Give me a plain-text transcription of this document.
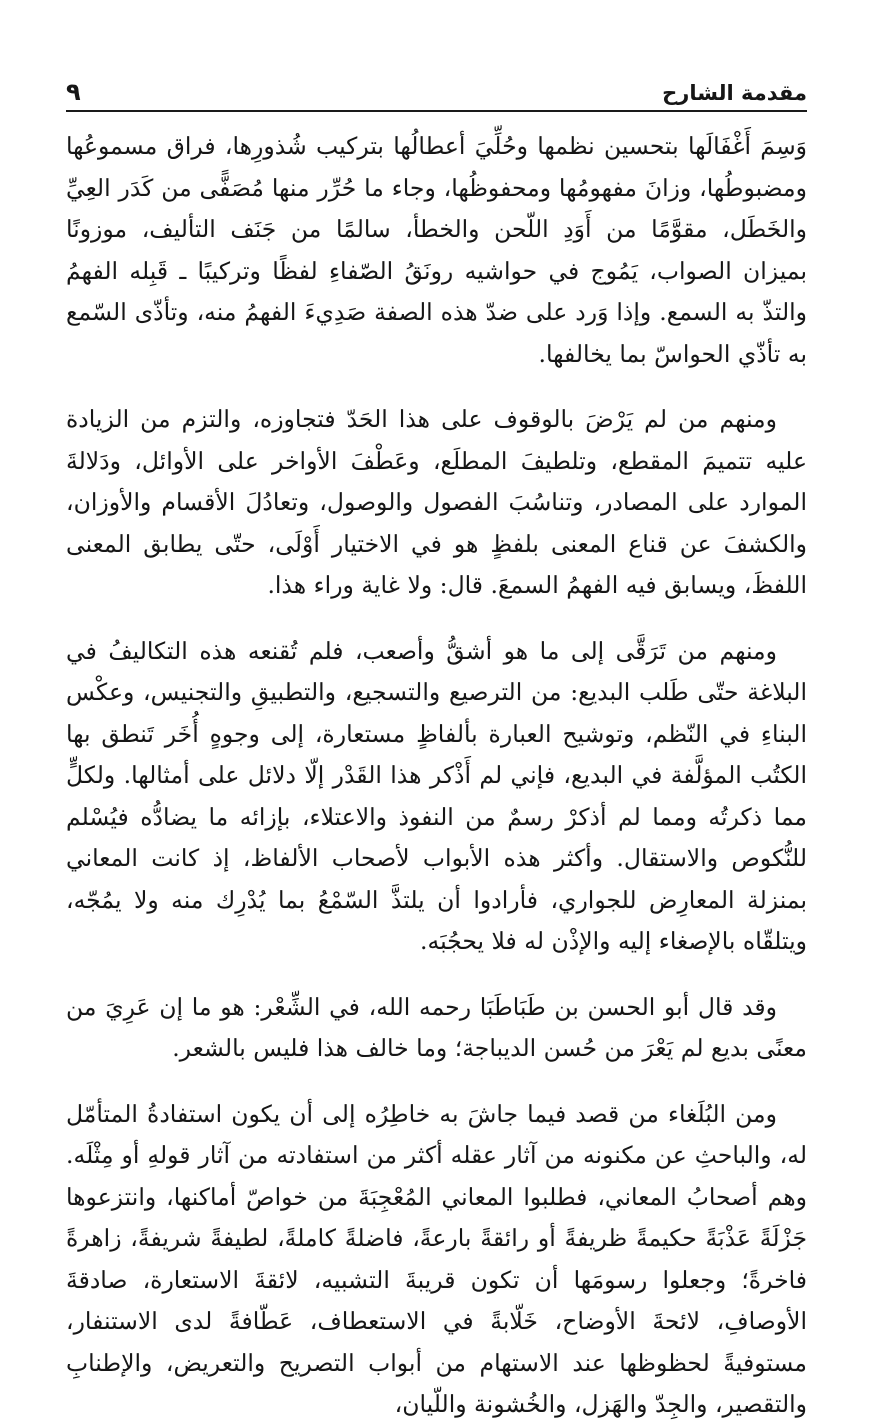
مقدمة الشارح
٩

وَسِمَ أَغْفَالَها بتحسين نظمها وحُلِّيَ أعطالُها بتركيب شُذورِها، فراق مسموعُها ومضبوطُها، وزانَ مفهومُها ومحفوظُها، وجاء ما حُرِّر منها مُصَفًّى من كَدَر العِيِّ والخَطَل، مقوَّمًا من أَوَدِ اللّحن والخطأ، سالمًا من جَنَف التأليف، موزونًا بميزان الصواب، يَمُوج في حواشيه رونَقُ الصّفاءِ لفظًا وتركيبًا ـ قَبِله الفهمُ والتذّ به السمع. وإذا وَرد على ضدّ هذه الصفة صَدِيءَ الفهمُ منه، وتأذّى السّمع به تأذّي الحواسّ بما يخالفها.

ومنهم من لم يَرْضَ بالوقوف على هذا الحَدّ فتجاوزه، والتزم من الزيادة عليه تتميمَ المقطع، وتلطيفَ المطلَع، وعَطْفَ الأواخر على الأوائل، ودَلالةَ الموارد على المصادر، وتناسُبَ الفصول والوصول، وتعادُلَ الأقسام والأوزان، والكشفَ عن قناع المعنى بلفظٍ هو في الاختيار أَوْلَى، حتّى يطابق المعنى اللفظَ، ويسابق فيه الفهمُ السمعَ. قال: ولا غاية وراء هذا.

ومنهم من تَرَقَّى إلى ما هو أشقُّ وأصعب، فلم تُقنعه هذه التكاليفُ في البلاغة حتّى طَلب البديع: من الترصيع والتسجيع، والتطبيقِ والتجنيس، وعكْس البناءِ في النّظم، وتوشيح العبارة بألفاظٍ مستعارة، إلى وجوهٍ أُخَر تَنطق بها الكتُب المؤلَّفة في البديع، فإني لم أَذْكر هذا القَدْر إلّا دلائل على أمثالها. ولكلٍّ مما ذكرتُه ومما لم أذكرْ رسمٌ من النفوذ والاعتلاء، بإزائه ما يضادُّه فيُسْلم للنُّكوص والاستقال. وأكثر هذه الأبواب لأصحاب الألفاظ، إذ كانت المعاني بمنزلة المعارِض للجواري، فأرادوا أن يلتذَّ السّمْعُ بما يُدْرِك منه ولا يمُجّه، ويتلقّاه بالإصغاء إليه والإذْن له فلا يحجُبَه.

وقد قال أبو الحسن بن طَبَاطَبَا رحمه الله، في الشِّعْر: هو ما إن عَرِيَ من معنًى بديع لم يَعْرَ من حُسن الديباجة؛ وما خالف هذا فليس بالشعر.

ومن البُلَغاء من قصد فيما جاشَ به خاطِرُه إلى أن يكون استفادةُ المتأمّل له، والباحثِ عن مكنونه من آثار عقله أكثر من استفادته من آثار قولهِ أو مِثْلَه. وهم أصحابُ المعاني، فطلبوا المعاني المُعْجِبَةَ من خواصّ أماكنها، وانتزعوها جَزْلَةً عَذْبَةً حكيمةً ظريفةً أو رائقةً بارعةً، فاضلةً كاملةً، لطيفةً شريفةً، زاهرةً فاخرةً؛ وجعلوا رسومَها أن تكون قريبةَ التشبيه، لائقةَ الاستعارة، صادقةَ الأوصافِ، لائحةَ الأوضاح، خَلّابةً في الاستعطاف، عَطّافةً لدى الاستنفار، مستوفيةً لحظوظها عند الاستهام من أبواب التصريح والتعريض، والإطنابِ والتقصير، والجِدّ والهَزل، والخُشونة واللّيان،
